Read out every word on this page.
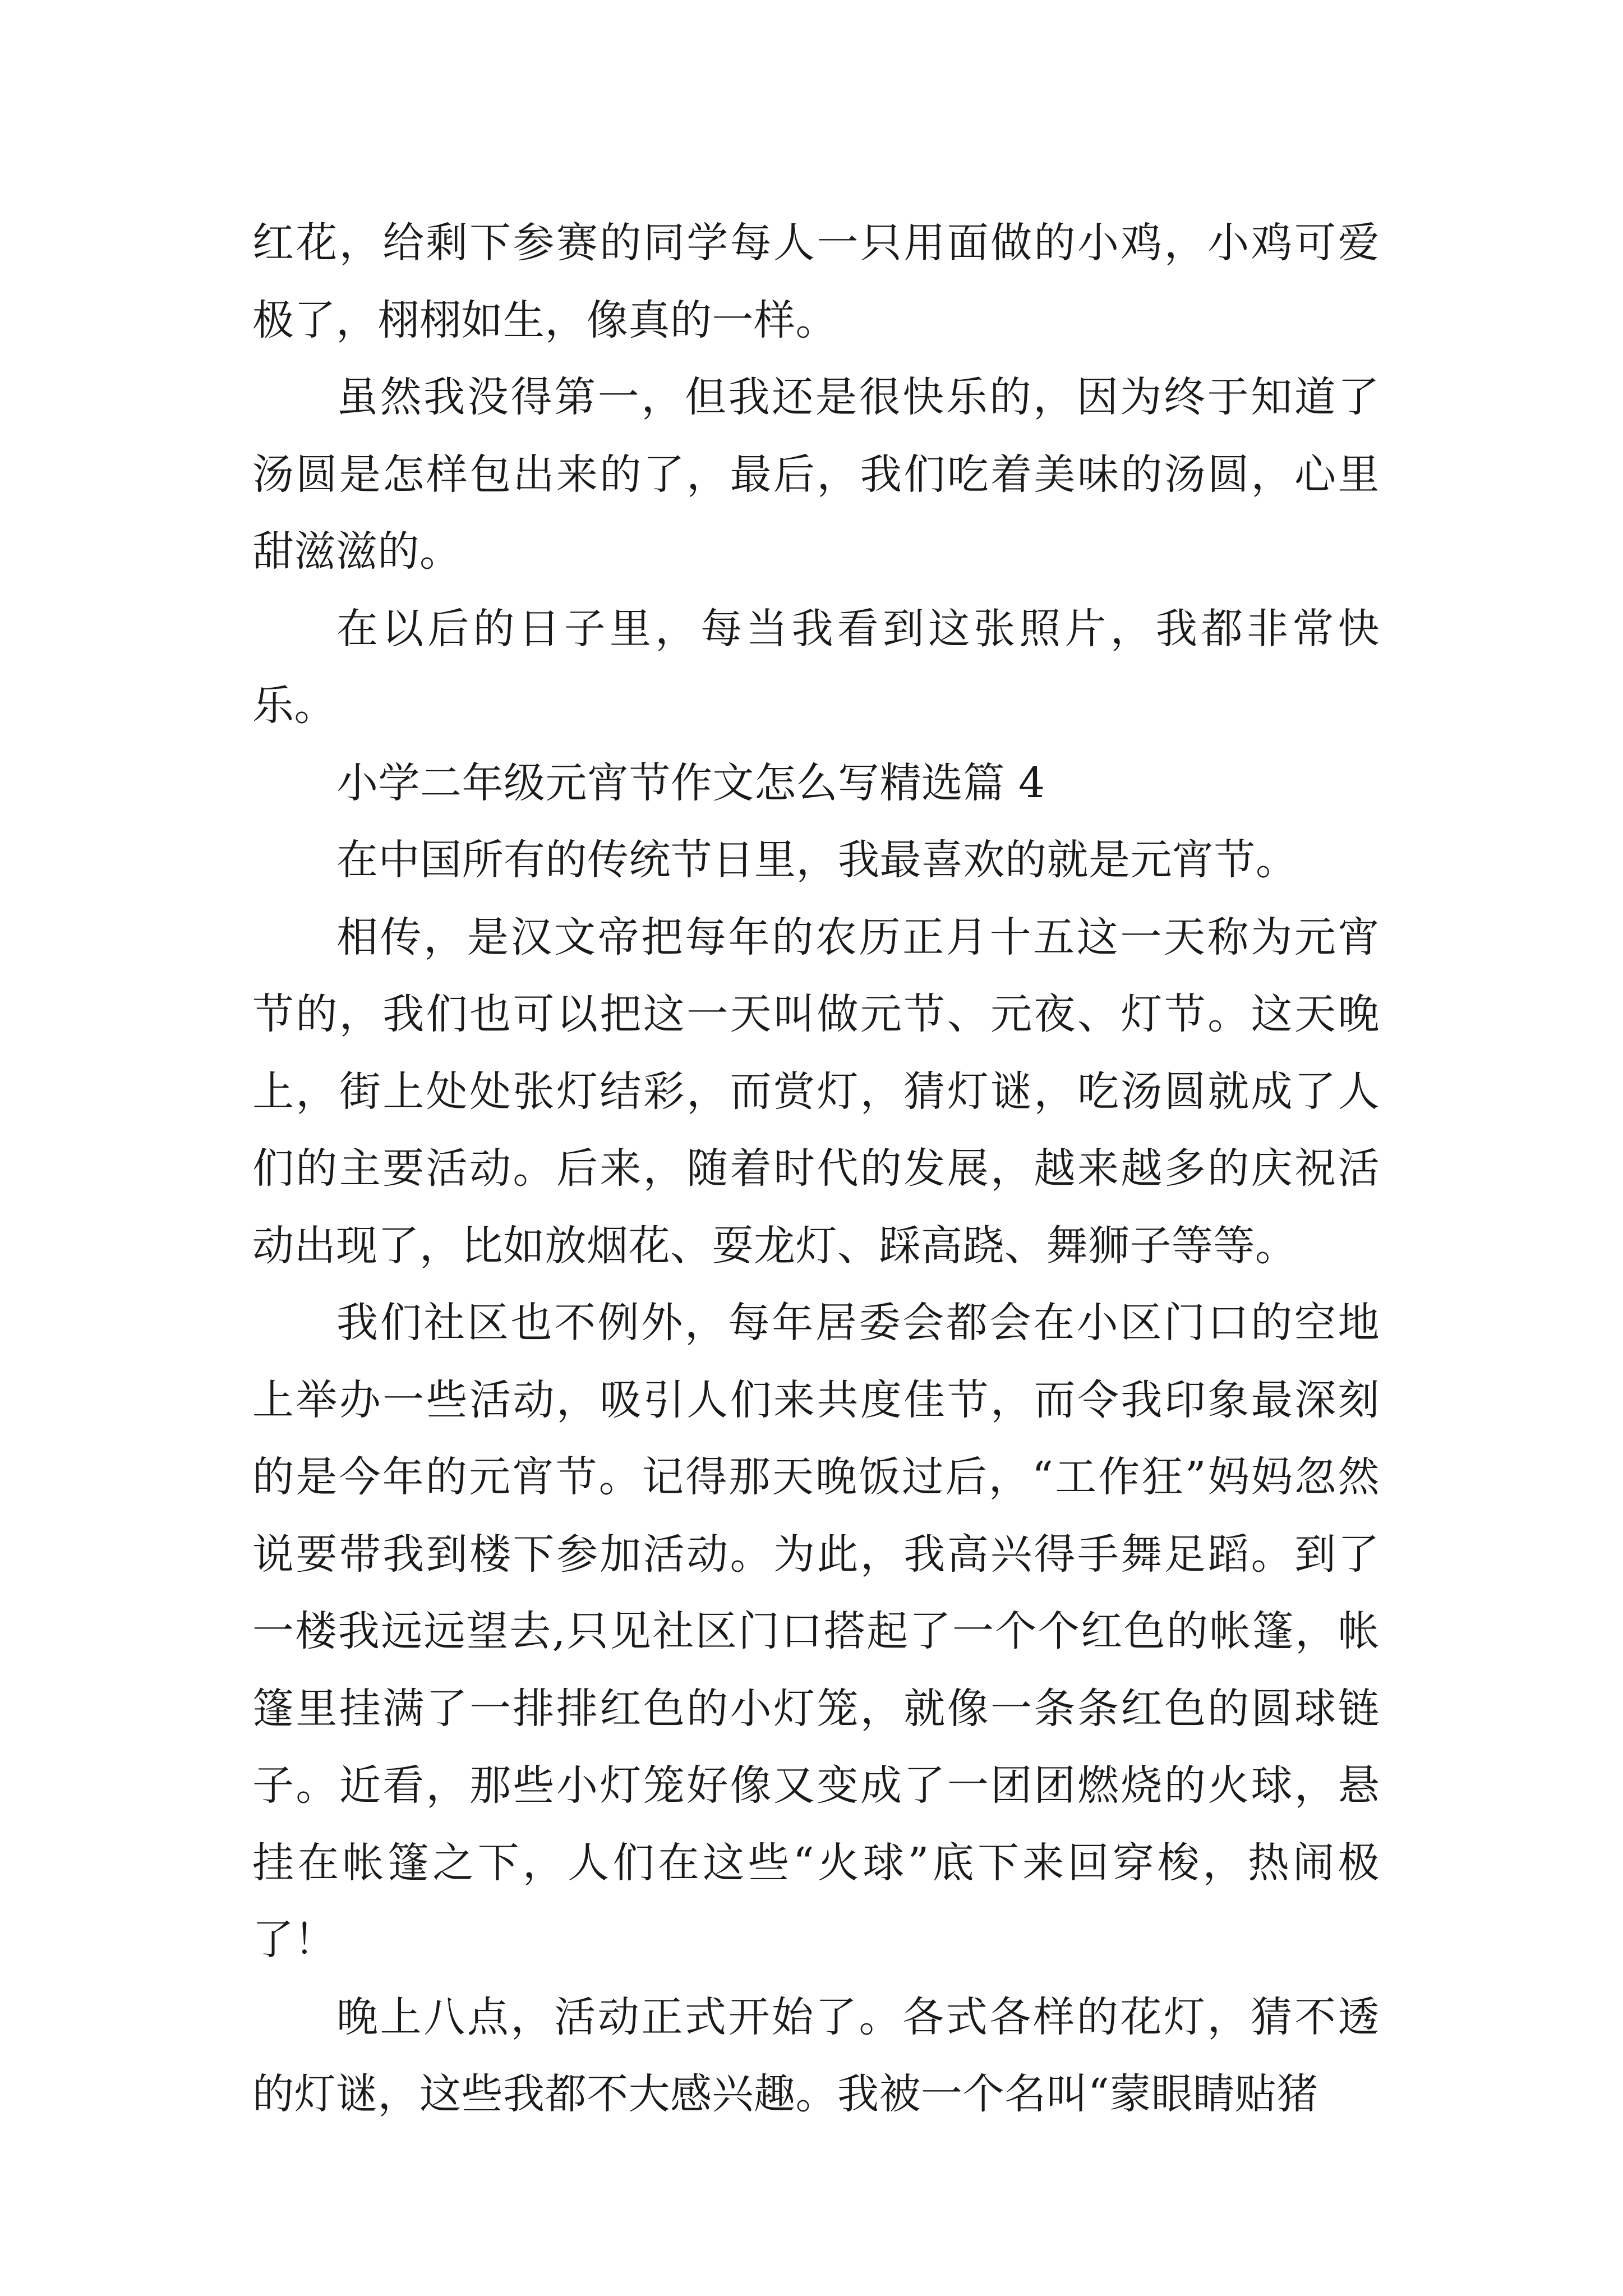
红花，给剩下参赛的同学每人一只用面做的小鸡，小鸡可爱极了，栩栩如生，像真的一样。

虽然我没得第一，但我还是很快乐的，因为终于知道了汤圆是怎样包出来的了，最后，我们吃着美味的汤圆，心里甜滋滋的。

在以后的日子里，每当我看到这张照片，我都非常快乐。

小学二年级元宵节作文怎么写精选篇 4

在中国所有的传统节日里，我最喜欢的就是元宵节。

相传，是汉文帝把每年的农历正月十五这一天称为元宵节的，我们也可以把这一天叫做元节、元夜、灯节。这天晚上，街上处处张灯结彩，而赏灯，猜灯谜，吃汤圆就成了人们的主要活动。后来，随着时代的发展，越来越多的庆祝活动出现了，比如放烟花、耍龙灯、踩高跷、舞狮子等等。

我们社区也不例外，每年居委会都会在小区门口的空地上举办一些活动，吸引人们来共度佳节，而令我印象最深刻的是今年的元宵节。记得那天晚饭过后，“工作狂”妈妈忽然说要带我到楼下参加活动。为此，我高兴得手舞足蹈。到了一楼我远远望去,只见社区门口搭起了一个个红色的帐篷，帐篷里挂满了一排排红色的小灯笼，就像一条条红色的圆球链子。近看，那些小灯笼好像又变成了一团团燃烧的火球，悬挂在帐篷之下，人们在这些“火球”底下来回穿梭，热闹极了！

晚上八点，活动正式开始了。各式各样的花灯，猜不透的灯谜，这些我都不大感兴趣。我被一个名叫“蒙眼睛贴猪
